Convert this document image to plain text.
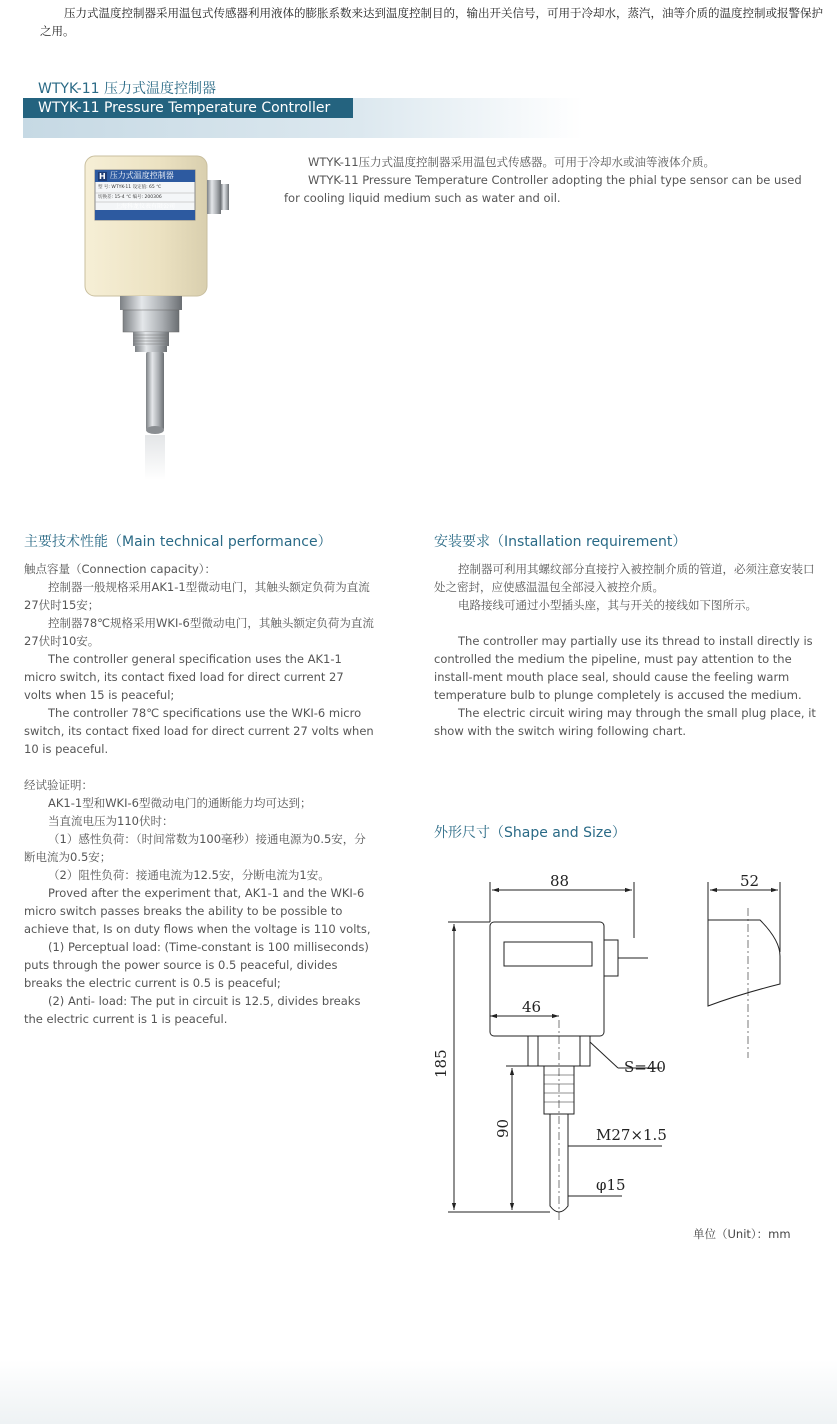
压力式温度控制器采用温包式传感器利用液体的膨胀系数来达到温度控制目的，输出开关信号，可用于冷却水，蒸汽，油等介质的温度控制或报警保护之用。
WTYK-11 压力式温度控制器
WTYK-11 Pressure Temperature Controller
H 压力式温度控制器
型 号: WTYK-11 设定值: 65 ℃
切换差: 15-4 ℃ 编号: 200306
上海科龙仪表有限公司

WTYK-11压力式温度控制器采用温包式传感器。可用于冷却水或油等液体介质。

WTYK-11 Pressure Temperature Controller adopting the phial type sensor can be used for cooling liquid medium such as water and oil.

主要技术性能（Main technical performance）

触点容量（Connection capacity）：

控制器一般规格采用AK1-1型微动电门，其触头额定负荷为直流27伏时15安；

控制器78℃规格采用WKI-6型微动电门，其触头额定负荷为直流27伏时10安。

The controller general specification uses the AK1-1 micro switch, its contact fixed load for direct current 27 volts when 15 is peaceful;

The controller 78℃ specifications use the WKI-6 micro switch, its contact fixed load for direct current 27 volts when 10 is peaceful.

经试验证明：

AK1-1型和WKI-6型微动电门的通断能力均可达到；

当直流电压为110伏时：

（1）感性负荷：（时间常数为100毫秒）接通电源为0.5安，分断电流为0.5安；

（2）阻性负荷：接通电流为12.5安，分断电流为1安。

Proved after the experiment that, AK1-1 and the WKI-6 micro switch passes breaks the ability to be possible to achieve that, Is on duty flows when the voltage is 110 volts,

(1) Perceptual load: (Time-constant is 100 milliseconds) puts through the power source is 0.5 peaceful, divides breaks the electric current is 0.5 is peaceful;

(2) Anti- load: The put in circuit is 12.5, divides breaks the electric current is 1 is peaceful.

安装要求（Installation requirement）

控制器可利用其螺纹部分直接拧入被控制介质的管道，必须注意安装口处之密封，应使感温温包全部浸入被控介质。

电路接线可通过小型插头座，其与开关的接线如下图所示。

The controller may partially use its thread to install directly is controlled the medium the pipeline, must pay attention to the install-ment mouth place seal, should cause the feeling warm temperature bulb to plunge completely is accused the medium.

The electric circuit wiring may through the small plug place, it show with the switch wiring following chart.

外形尺寸（Shape and Size）
88	52
46
S=40
M27×1.5
φ15
185
90
单位（Unit）：mm
